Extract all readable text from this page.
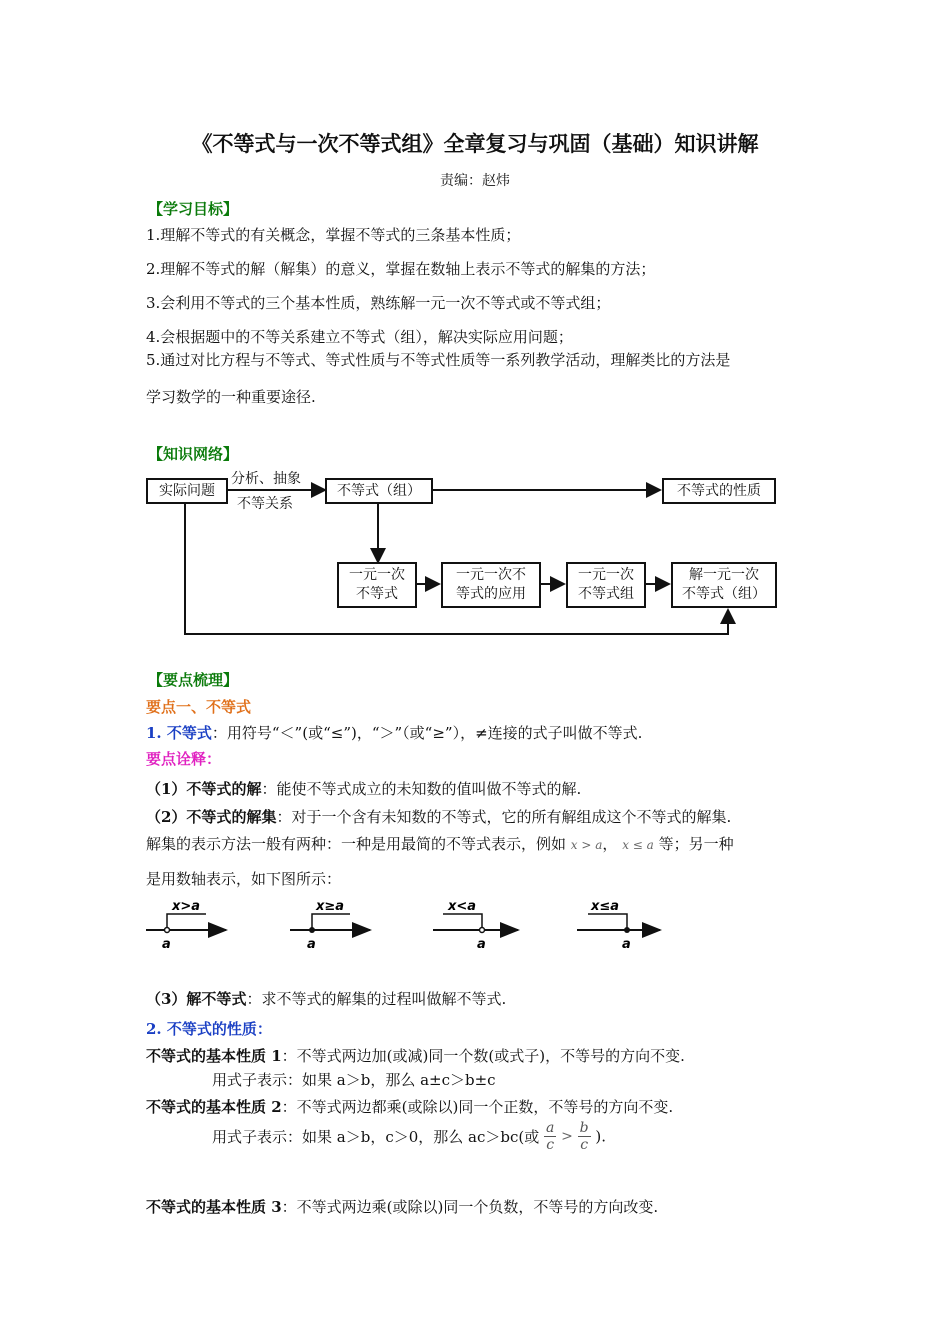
《不等式与一次不等式组》全章复习与巩固（基础）知识讲解
责编：赵炜
【学习目标】
1.理解不等式的有关概念，掌握不等式的三条基本性质；
2.理解不等式的解（解集）的意义，掌握在数轴上表示不等式的解集的方法；
3.会利用不等式的三个基本性质，熟练解一元一次不等式或不等式组；
4.会根据题中的不等关系建立不等式（组），解决实际应用问题；
5.通过对比方程与不等式、等式性质与不等式性质等一系列教学活动，理解类比的方法是
学习数学的一种重要途径.
【知识网络】
实际问题
分析、抽象
不等关系
不等式（组）	不等式的性质
一元一次
不等式
一元一次不
等式的应用
一元一次
不等式组
解一元一次
不等式（组）
【要点梳理】
要点一、不等式
1. 不等式：用符号“＜”(或“≤”)，“＞”（或“≥”），≠连接的式子叫做不等式.
要点诠释：
（1）不等式的解：能使不等式成立的未知数的值叫做不等式的解.
（2）不等式的解集：对于一个含有未知数的不等式，它的所有解组成这个不等式的解集.
解集的表示方法一般有两种：一种是用最简的不等式表示，例如 x > a， x ≤ a 等；另一种
是用数轴表示，如下图所示：
x>a
a
x≥a
a
x<a
a
x≤a
a
（3）解不等式：求不等式的解集的过程叫做解不等式.
2. 不等式的性质：
不等式的基本性质 1：不等式两边加(或减)同一个数(或式子)，不等号的方向不变.
用式子表示：如果 a＞b，那么 a±c＞b±c
不等式的基本性质 2：不等式两边都乘(或除以)同一个正数，不等号的方向不变.
用式子表示：如果 a＞b，c＞0，那么 ac＞bc(或 $\frac{a}{c} > \frac{b}{c}$ ).
不等式的基本性质 3：不等式两边乘(或除以)同一个负数，不等号的方向改变.
